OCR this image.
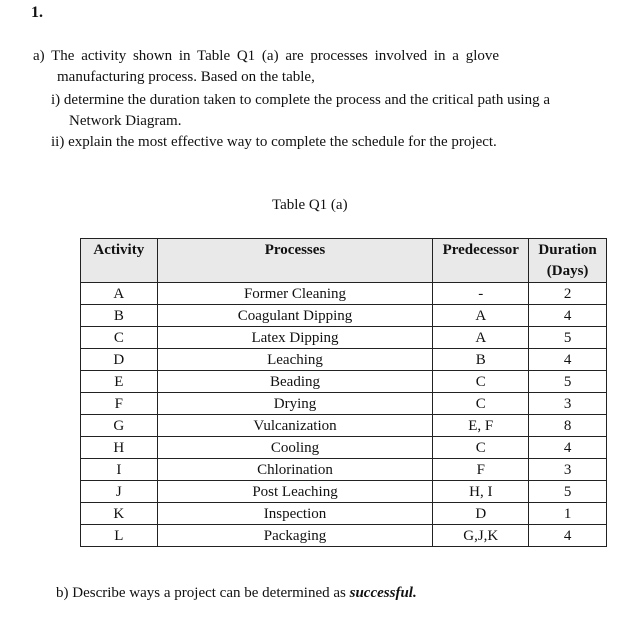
1.
a) The activity shown in Table Q1 (a) are processes involved in a glove
manufacturing process. Based on the table,
i) determine the duration taken to complete the process and the critical path using a
Network Diagram.
ii) explain the most effective way to complete the schedule for the project.
Table Q1 (a)
Activity	Processes	Predecessor	Duration
(Days)

A	Former Cleaning	-	2
B	Coagulant Dipping	A	4
C	Latex Dipping	A	5
D	Leaching	B	4
E	Beading	C	5
F	Drying	C	3
G	Vulcanization	E, F	8
H	Cooling	C	4
I	Chlorination	F	3
J	Post Leaching	H, I	5
K	Inspection	D	1
L	Packaging	G,J,K	4
b) Describe ways a project can be determined as successful.
